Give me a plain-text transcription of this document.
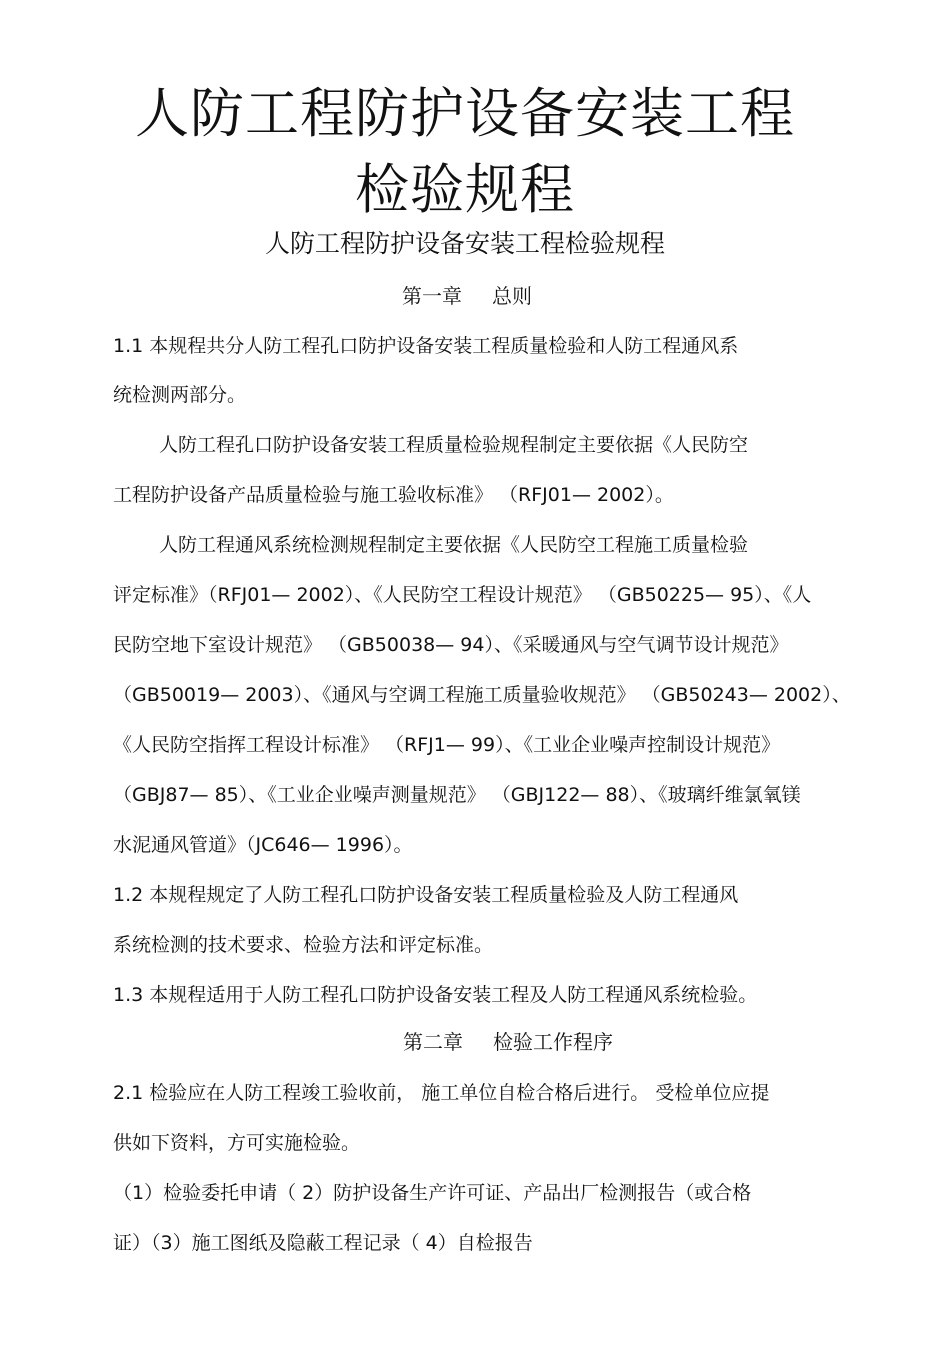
人防工程防护设备安装工程
检验规程
人防工程防护设备安装工程检验规程
第一章 总则

1.1 本规程共分人防工程孔口防护设备安装工程质量检验和人防工程通风系

统检测两部分。

人防工程孔口防护设备安装工程质量检验规程制定主要依据《人民防空

工程防护设备产品质量检验与施工验收标准》 （RFJ01— 2002）。

人防工程通风系统检测规程制定主要依据《人民防空工程施工质量检验

评定标准》（RFJ01— 2002）、《人民防空工程设计规范》 （GB50225— 95）、《人

民防空地下室设计规范》 （GB50038— 94）、《采暖通风与空气调节设计规范》

（GB50019— 2003）、《通风与空调工程施工质量验收规范》 （GB50243— 2002）、

《人民防空指挥工程设计标准》 （RFJ1— 99）、《工业企业噪声控制设计规范》

（GBJ87— 85）、《工业企业噪声测量规范》 （GBJ122— 88）、《玻璃纤维氯氧镁

水泥通风管道》（JC646— 1996）。

1.2 本规程规定了人防工程孔口防护设备安装工程质量检验及人防工程通风

系统检测的技术要求、检验方法和评定标准。

1.3 本规程适用于人防工程孔口防护设备安装工程及人防工程通风系统检验。

第二章 检验工作程序

2.1 检验应在人防工程竣工验收前， 施工单位自检合格后进行。 受检单位应提

供如下资料，方可实施检验。

（1）检验委托申请（ 2）防护设备生产许可证、产品出厂检测报告（或合格

证）（3）施工图纸及隐蔽工程记录（ 4）自检报告
